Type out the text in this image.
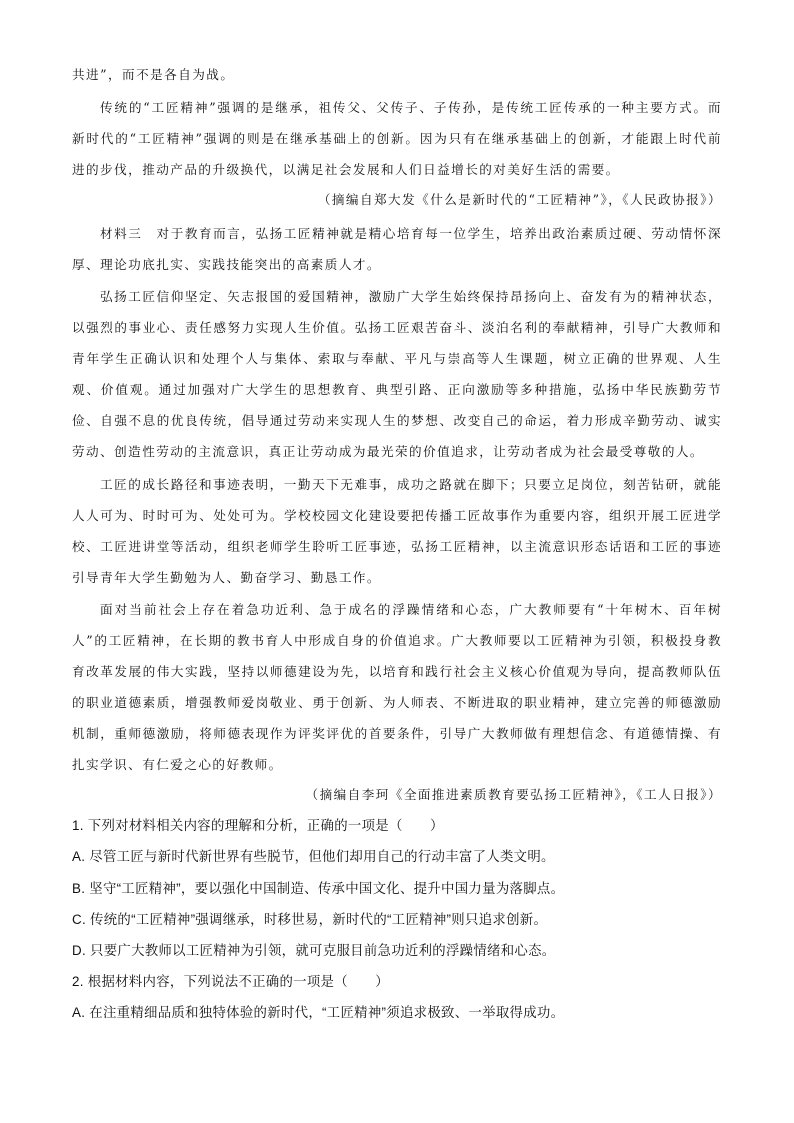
共进”，而不是各自为战。
传统的“工匠精神”强调的是继承，祖传父、父传子、子传孙，是传统工匠传承的一种主要方式。而
新时代的“工匠精神”强调的则是在继承基础上的创新。因为只有在继承基础上的创新，才能跟上时代前
进的步伐，推动产品的升级换代，以满足社会发展和人们日益增长的对美好生活的需要。
（摘编自郑大发《什么是新时代的“工匠精神”》，《人民政协报》）
材料三　对于教育而言，弘扬工匠精神就是精心培育每一位学生，培养出政治素质过硬、劳动情怀深
厚、理论功底扎实、实践技能突出的高素质人才。
弘扬工匠信仰坚定、矢志报国的爱国精神，激励广大学生始终保持昂扬向上、奋发有为的精神状态，
以强烈的事业心、责任感努力实现人生价值。弘扬工匠艰苦奋斗、淡泊名利的奉献精神，引导广大教师和
青年学生正确认识和处理个人与集体、索取与奉献、平凡与崇高等人生课题，树立正确的世界观、人生
观、价值观。通过加强对广大学生的思想教育、典型引路、正向激励等多种措施，弘扬中华民族勤劳节
俭、自强不息的优良传统，倡导通过劳动来实现人生的梦想、改变自己的命运，着力形成辛勤劳动、诚实
劳动、创造性劳动的主流意识，真正让劳动成为最光荣的价值追求，让劳动者成为社会最受尊敬的人。
工匠的成长路径和事迹表明，一勤天下无难事，成功之路就在脚下；只要立足岗位，刻苦钻研，就能
人人可为、时时可为、处处可为。学校校园文化建设要把传播工匠故事作为重要内容，组织开展工匠进学
校、工匠进讲堂等活动，组织老师学生聆听工匠事迹，弘扬工匠精神，以主流意识形态话语和工匠的事迹
引导青年大学生勤勉为人、勤奋学习、勤恳工作。
面对当前社会上存在着急功近利、急于成名的浮躁情绪和心态，广大教师要有“十年树木、百年树
人”的工匠精神，在长期的教书育人中形成自身的价值追求。广大教师要以工匠精神为引领，积极投身教
育改革发展的伟大实践，坚持以师德建设为先，以培育和践行社会主义核心价值观为导向，提高教师队伍
的职业道德素质，增强教师爱岗敬业、勇于创新、为人师表、不断进取的职业精神，建立完善的师德激励
机制，重师德激励，将师德表现作为评奖评优的首要条件，引导广大教师做有理想信念、有道德情操、有
扎实学识、有仁爱之心的好教师。
（摘编自李珂《全面推进素质教育要弘扬工匠精神》，《工人日报》）
1. 下列对材料相关内容的理解和分析，正确的一项是（　　）
A. 尽管工匠与新时代新世界有些脱节，但他们却用自己的行动丰富了人类文明。
B. 坚守“工匠精神”，要以强化中国制造、传承中国文化、提升中国力量为落脚点。
C. 传统的“工匠精神”强调继承，时移世易，新时代的“工匠精神”则只追求创新。
D. 只要广大教师以工匠精神为引领，就可克服目前急功近利的浮躁情绪和心态。
2. 根据材料内容，下列说法不正确的一项是（　　）
A. 在注重精细品质和独特体验的新时代，“工匠精神”须追求极致、一举取得成功。
